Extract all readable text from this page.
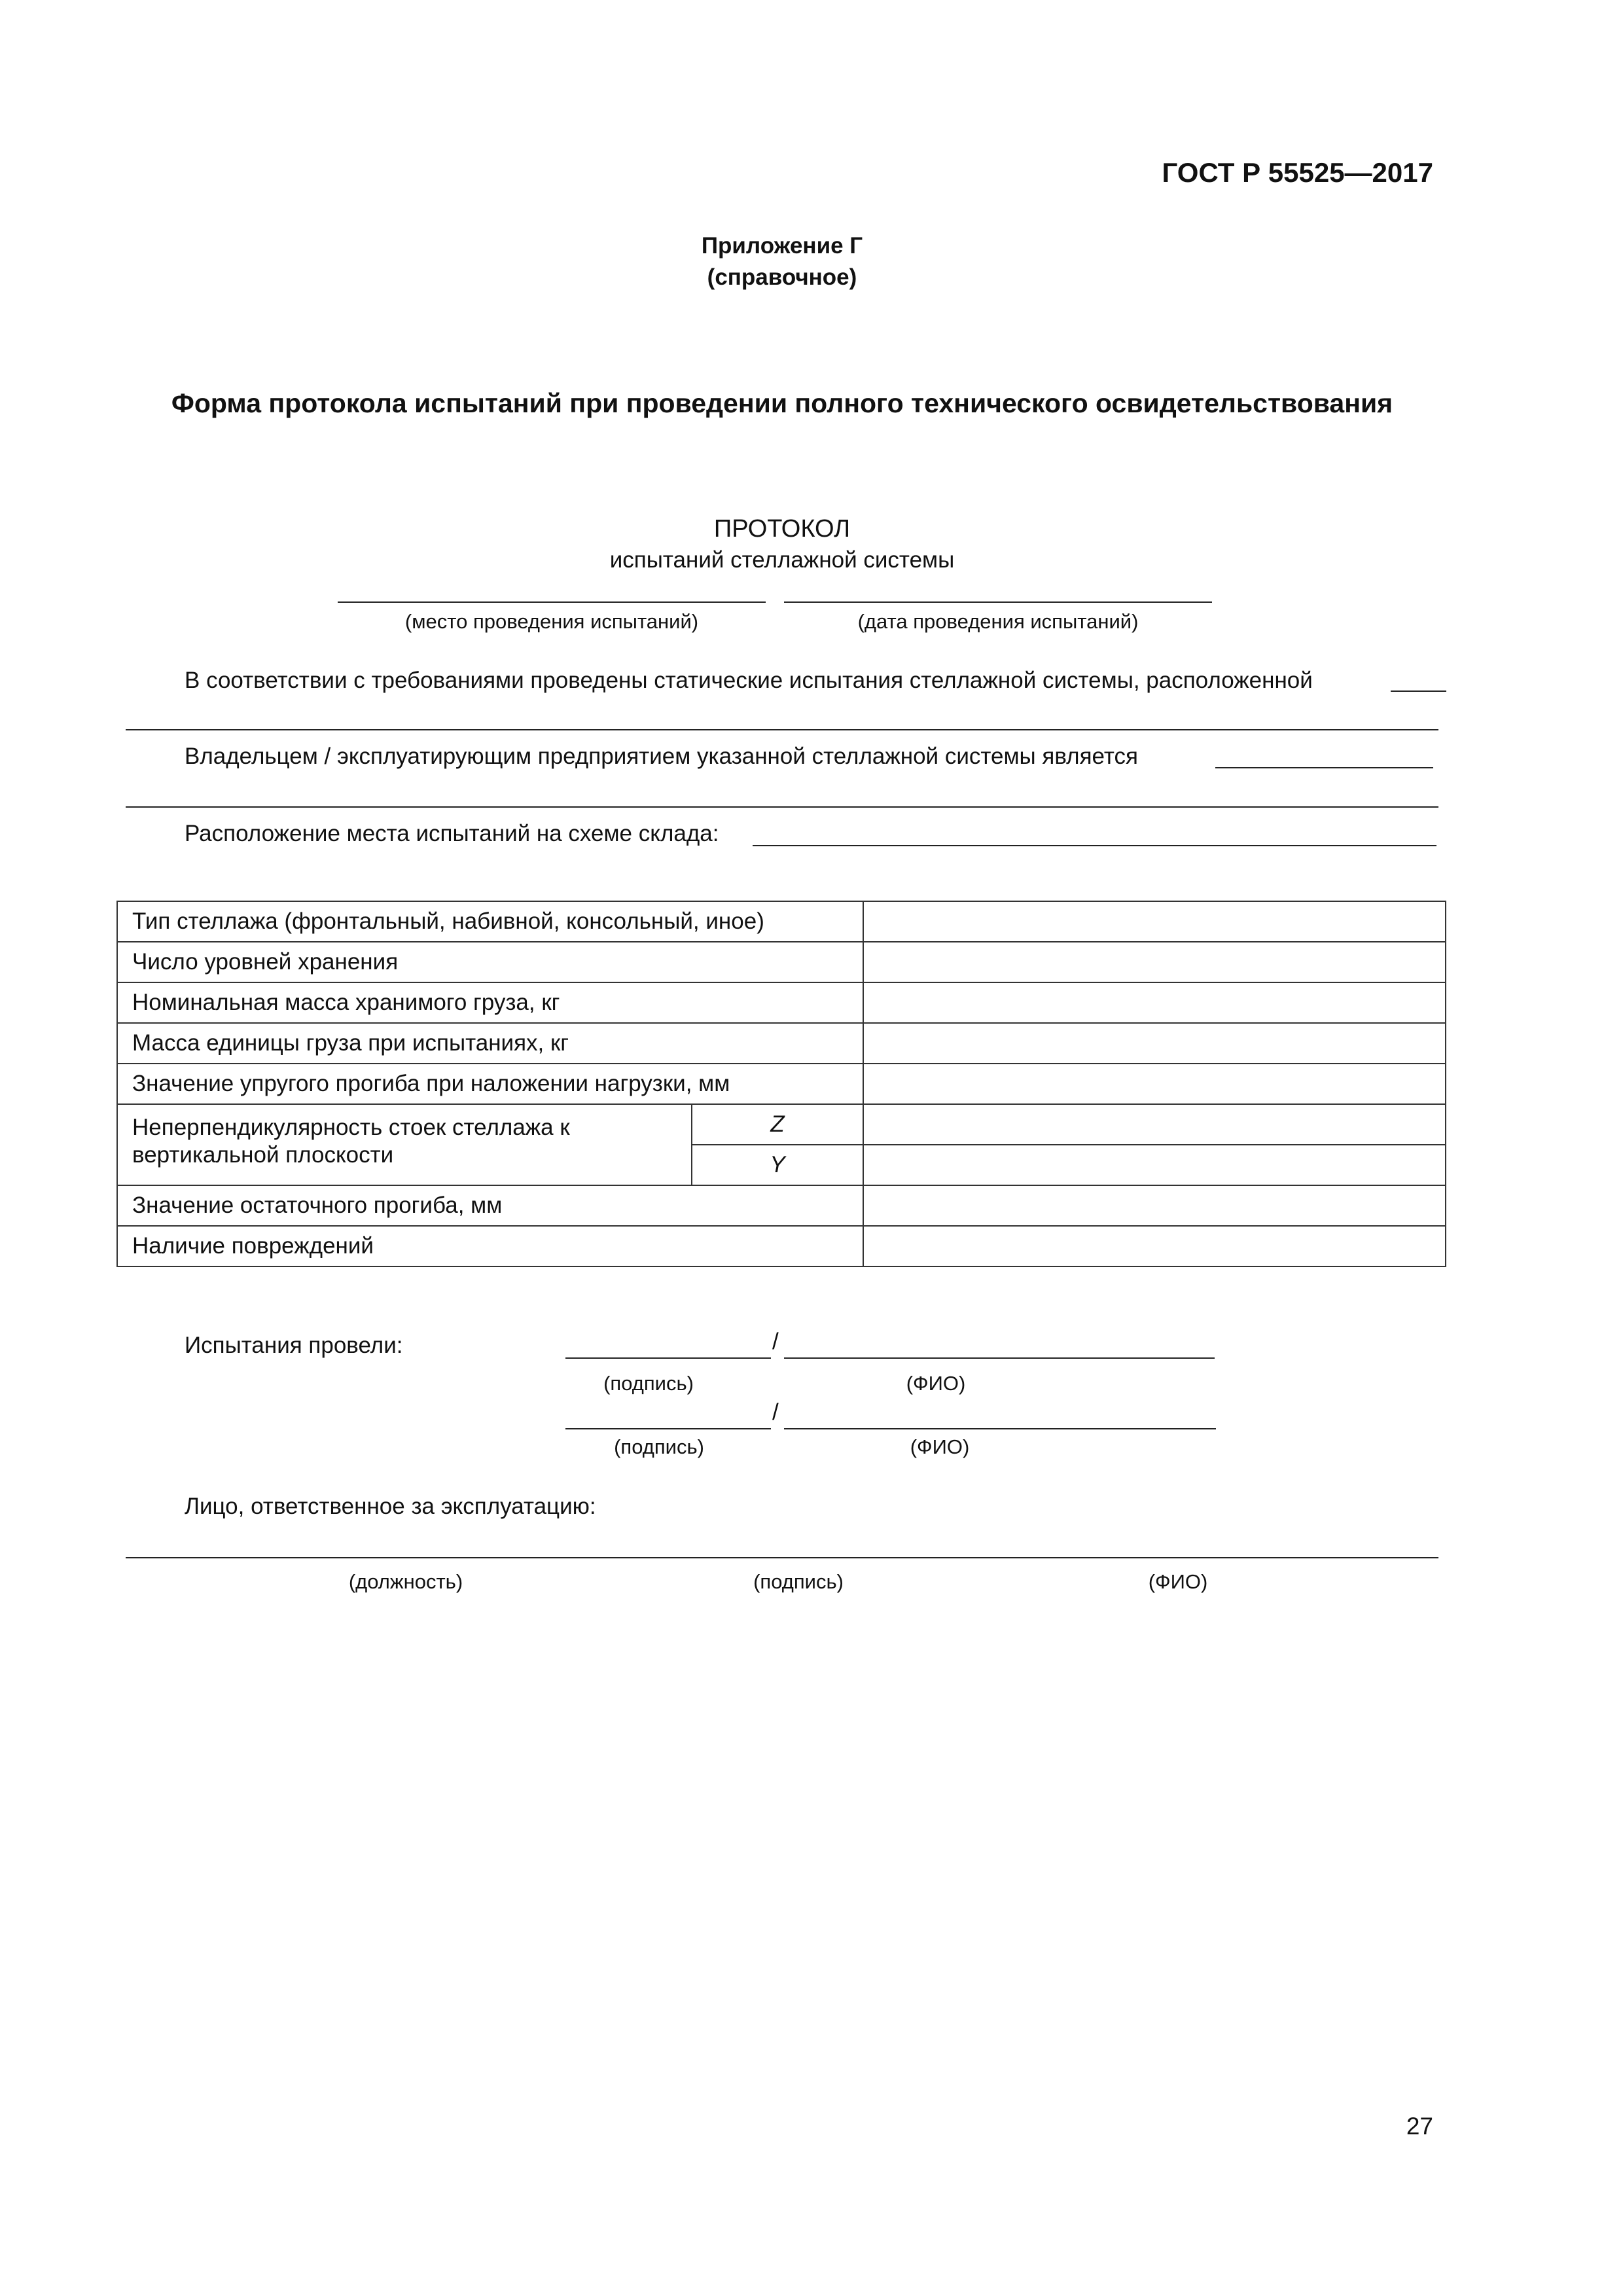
ГОСТ Р 55525—2017
Приложение Г
(справочное)
Форма протокола испытаний при проведении полного технического освидетельствования
ПРОТОКОЛ
испытаний стеллажной системы
(место проведения испытаний)	(дата проведения испытаний)
В соответствии с требованиями проведены статические испытания стеллажной системы, расположенной
Владельцем / эксплуатирующим предприятием указанной стеллажной системы является
Расположение места испытаний на схеме склада:
Тип стеллажа (фронтальный, набивной, консольный, иное)		
Число уровней хранения		
Номинальная масса хранимого груза, кг		
Масса единицы груза при испытаниях, кг		
Значение упругого прогиба при наложении нагрузки, мм		
Неперпендикулярность стоек стеллажа к вертикальной плоскости	Z	
	Y	
Значение остаточного прогиба, мм		
Наличие повреждений		
Испытания провели:	/
(подпись)	(ФИО)
/
(подпись)	(ФИО)
Лицо, ответственное за эксплуатацию:
(должность)	(подпись)	(ФИО)
27
